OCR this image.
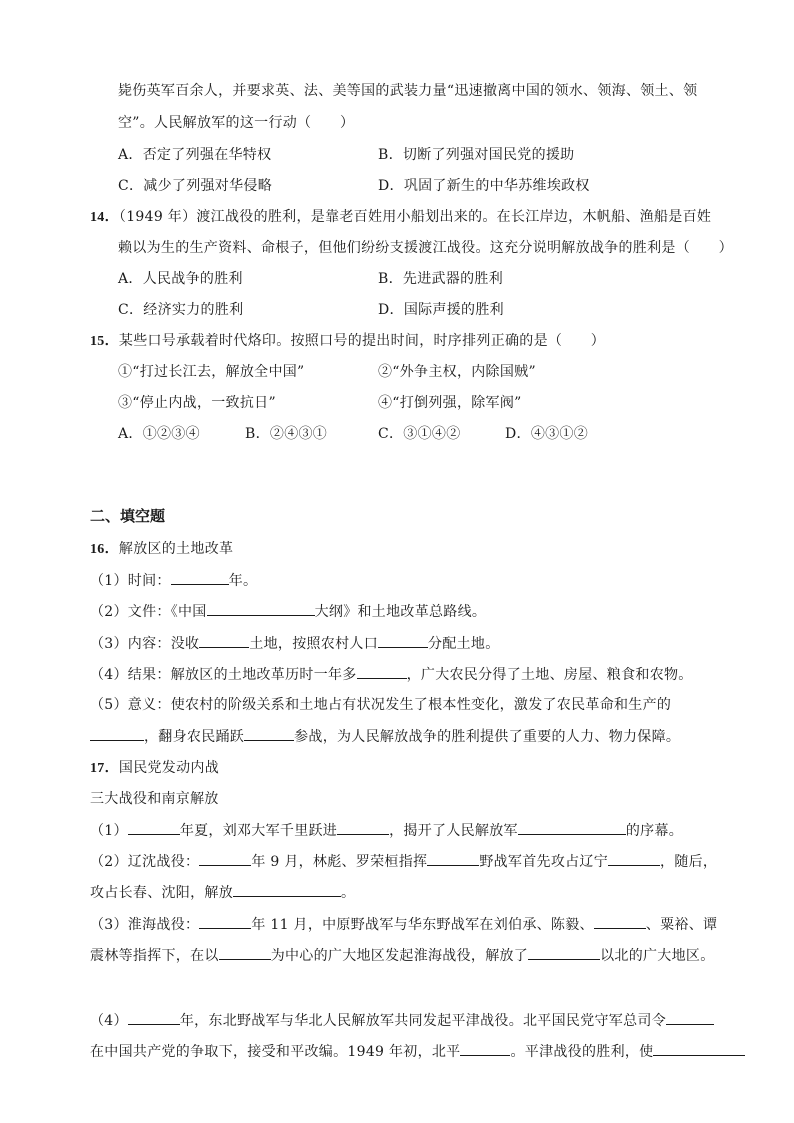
毙伤英军百余人，并要求英、法、美等国的武装力量“迅速撤离中国的领水、领海、领土、领
空”。人民解放军的这一行动（　　）
A．否定了列强在华特权	B．切断了列强对国民党的援助
C．减少了列强对华侵略	D．巩固了新生的中华苏维埃政权
14．（1949 年）渡江战役的胜利，是靠老百姓用小船划出来的。在长江岸边，木帆船、渔船是百姓
赖以为生的生产资料、命根子，但他们纷纷支援渡江战役。这充分说明解放战争的胜利是（　　）
A．人民战争的胜利	B．先进武器的胜利
C．经济实力的胜利	D．国际声援的胜利
15．某些口号承载着时代烙印。按照口号的提出时间，时序排列正确的是（　　）
①“打过长江去，解放全中国”	②“外争主权，内除国贼”
③“停止内战，一致抗日”	④“打倒列强，除军阀”
A．①②③④	B．②④③①	C．③①④②	D．④③①②
二、填空题
16．解放区的土地改革
（1）时间：	年。
（2）文件：《中国	大纲》和土地改革总路线。
（3）内容：没收	土地，按照农村人口	分配土地。
（4）结果：解放区的土地改革历时一年多	，广大农民分得了土地、房屋、粮食和农物。
（5）意义：使农村的阶级关系和土地占有状况发生了根本性变化，激发了农民革命和生产的
，翻身农民踊跃	参战，为人民解放战争的胜利提供了重要的人力、物力保障。
17．国民党发动内战
三大战役和南京解放
（1）	年夏，刘邓大军千里跃进	，揭开了人民解放军	的序幕。
（2）辽沈战役：	年 9 月，林彪、罗荣桓指挥	野战军首先攻占辽宁	，随后，
攻占长春、沈阳，解放	。
（3）淮海战役：	年 11 月，中原野战军与华东野战军在刘伯承、陈毅、	、粟裕、谭
震林等指挥下，在以	为中心的广大地区发起淮海战役，解放了	以北的广大地区。
（4）	年，东北野战军与华北人民解放军共同发起平津战役。北平国民党守军总司令
在中国共产党的争取下，接受和平改编。1949 年初，北平	。平津战役的胜利，使
